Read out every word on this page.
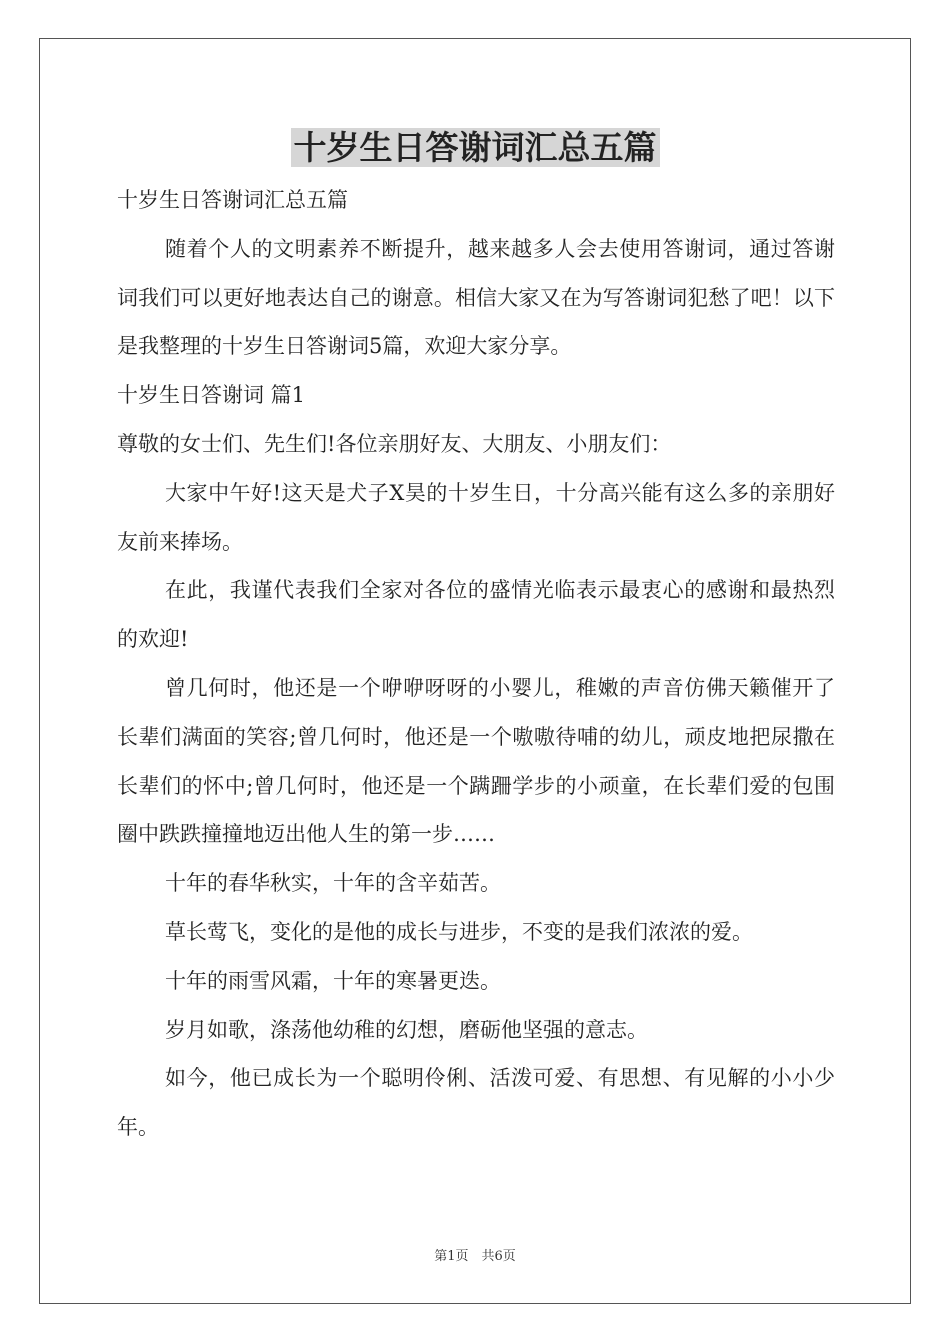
十岁生日答谢词汇总五篇

十岁生日答谢词汇总五篇

随着个人的文明素养不断提升，越来越多人会去使用答谢词，通过答谢词我们可以更好地表达自己的谢意。相信大家又在为写答谢词犯愁了吧！以下是我整理的十岁生日答谢词5篇，欢迎大家分享。

十岁生日答谢词 篇1

尊敬的女士们、先生们!各位亲朋好友、大朋友、小朋友们：

大家中午好!这天是犬子X昊的十岁生日，十分高兴能有这么多的亲朋好友前来捧场。

在此，我谨代表我们全家对各位的盛情光临表示最衷心的感谢和最热烈的欢迎!

曾几何时，他还是一个咿咿呀呀的小婴儿，稚嫩的声音仿佛天籁催开了长辈们满面的笑容;曾几何时，他还是一个嗷嗷待哺的幼儿，顽皮地把尿撒在长辈们的怀中;曾几何时，他还是一个蹒跚学步的小顽童，在长辈们爱的包围圈中跌跌撞撞地迈出他人生的第一步……

十年的春华秋实，十年的含辛茹苦。

草长莺飞，变化的是他的成长与进步，不变的是我们浓浓的爱。

十年的雨雪风霜，十年的寒暑更迭。

岁月如歌，涤荡他幼稚的幻想，磨砺他坚强的意志。

如今，他已成长为一个聪明伶俐、活泼可爱、有思想、有见解的小小少年。

第1页　共6页
